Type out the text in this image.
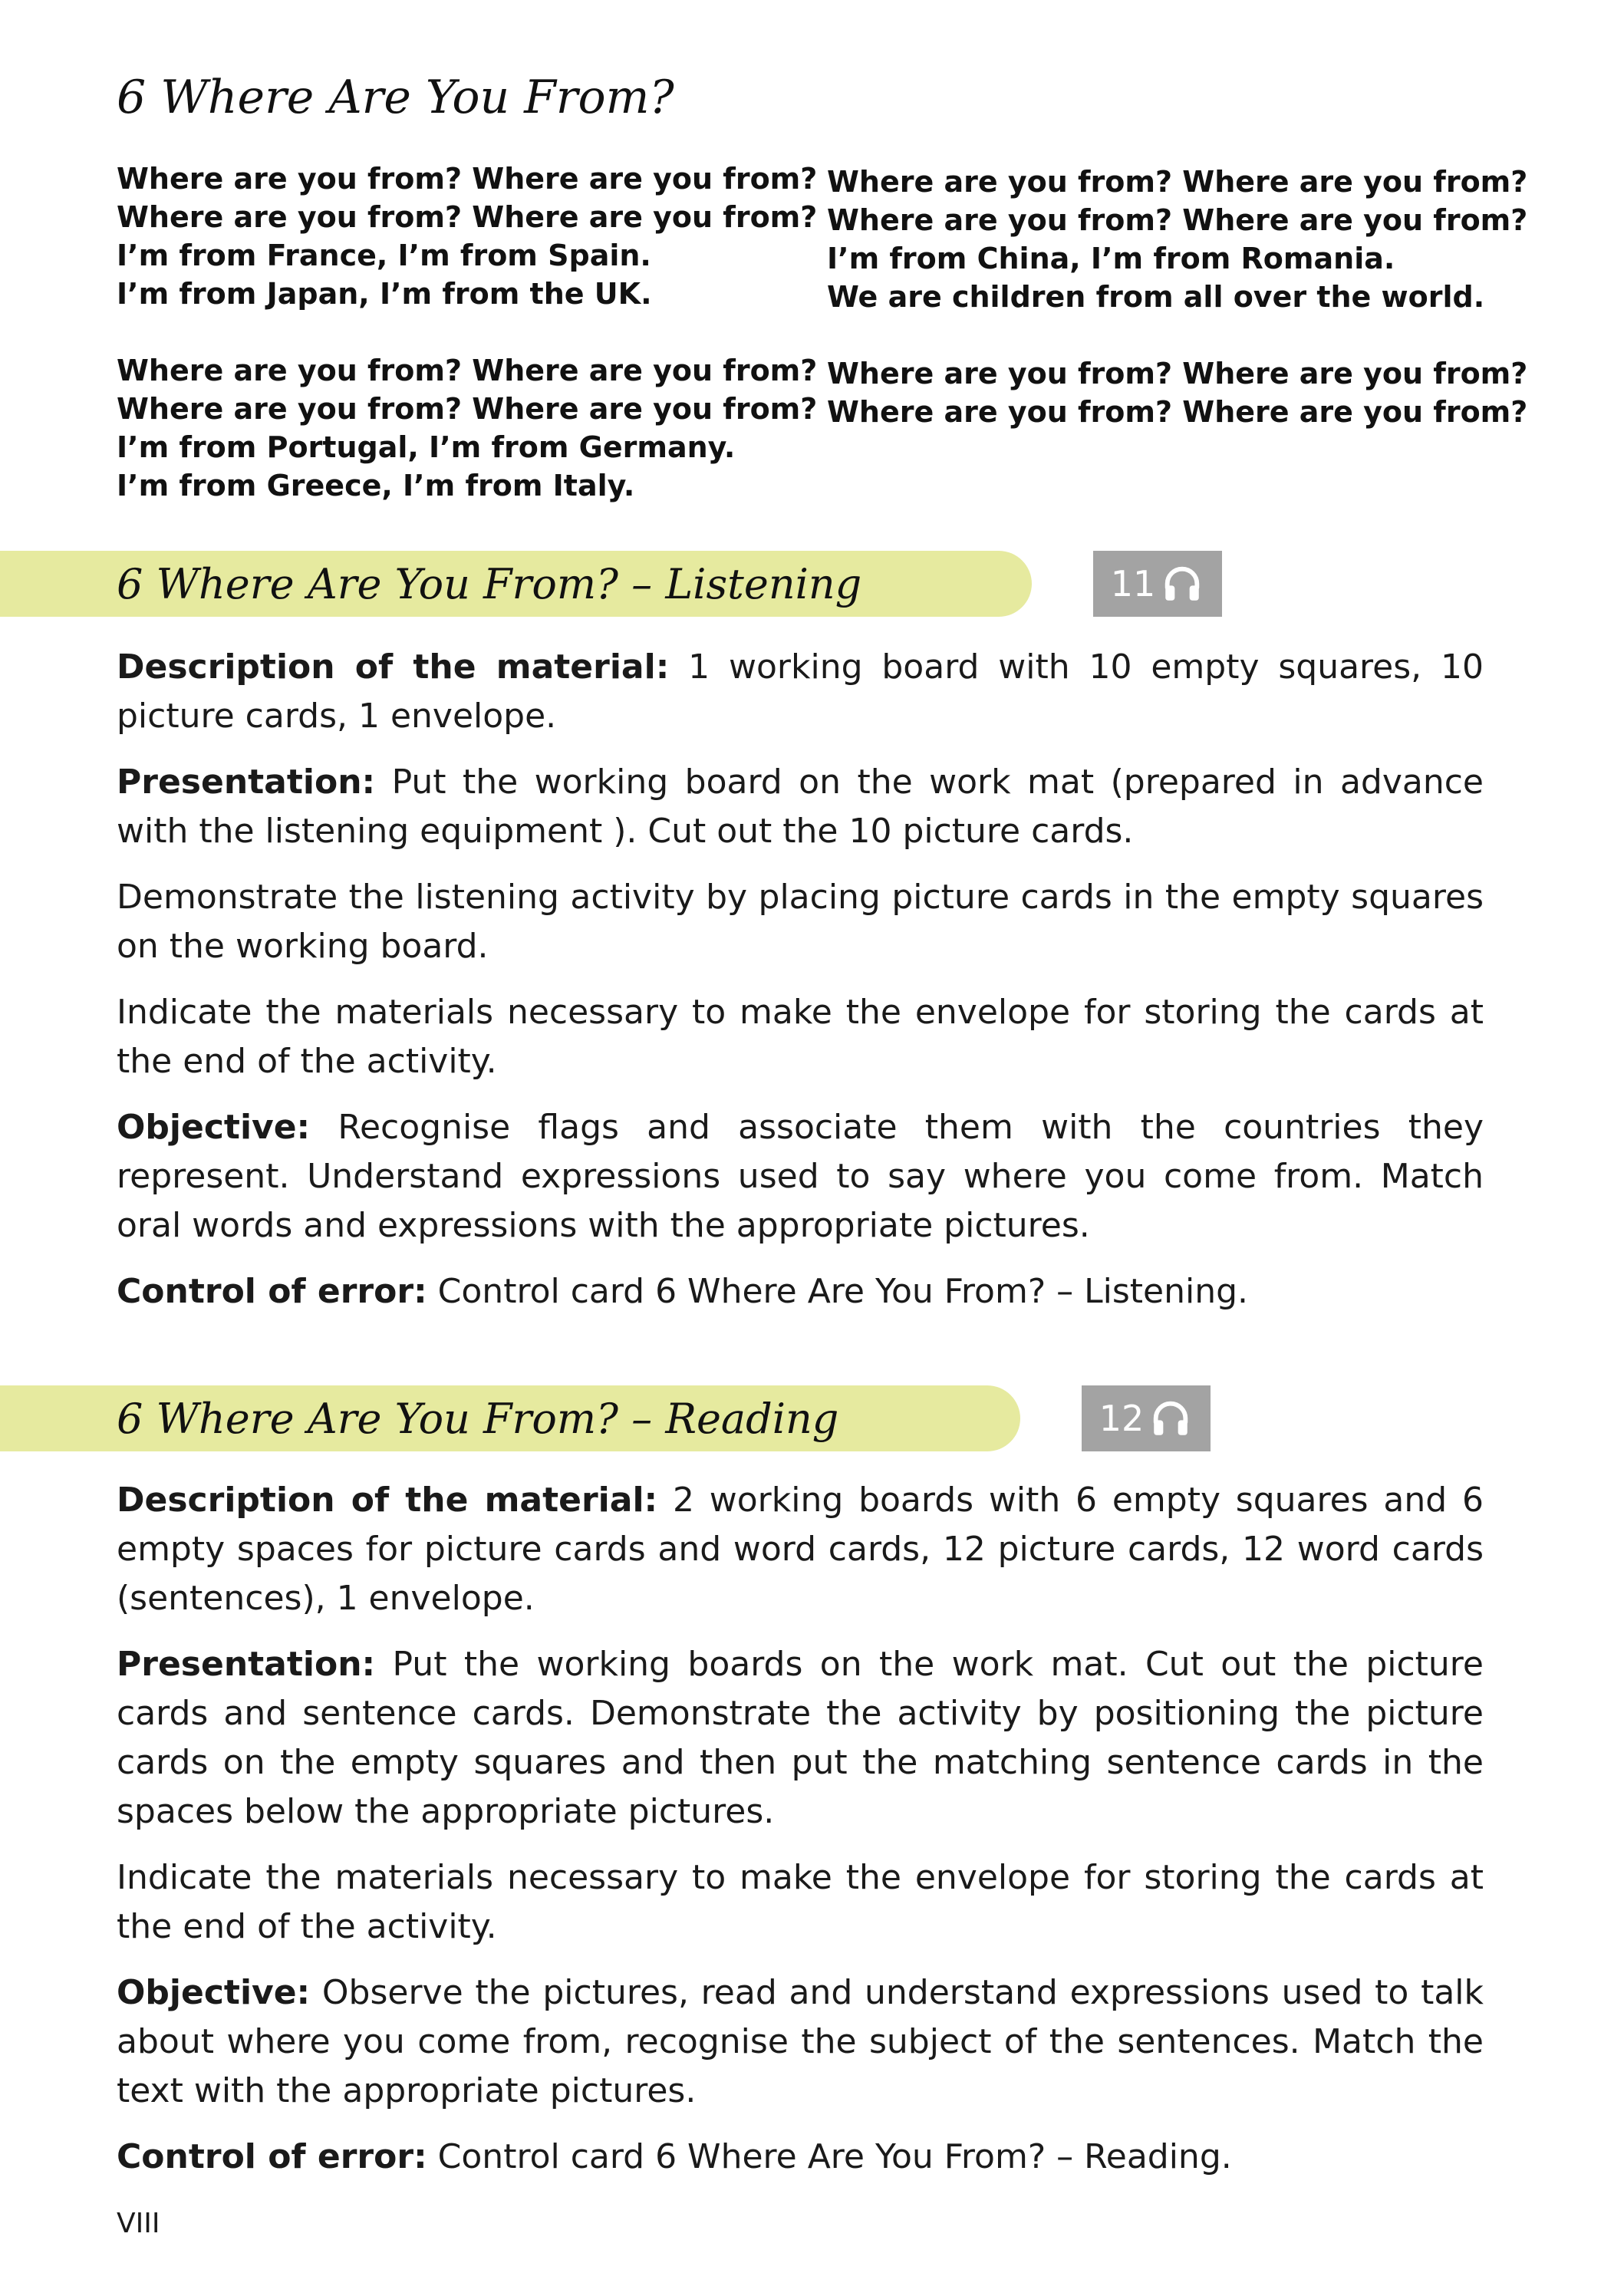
6 Where Are You From?
Where are you from? Where are you from?
Where are you from? Where are you from?
I’m from France, I’m from Spain.
I’m from Japan, I’m from the UK.
Where are you from? Where are you from?
Where are you from? Where are you from?
I’m from Portugal, I’m from Germany.
I’m from Greece, I’m from Italy.
Where are you from? Where are you from?
Where are you from? Where are you from?
I’m from China, I’m from Romania.
We are children from all over the world.
Where are you from? Where are you from?
Where are you from? Where are you from?
6 Where Are You From? – Listening	11

Description of the material: 1 working board with 10 empty squares, 10 picture cards, 1 envelope.

Presentation: Put the working board on the work mat (prepared in advance with the listening equipment ). Cut out the 10 picture cards.

Demonstrate the listening activity by placing picture cards in the empty squares on the working board.

Indicate the materials necessary to make the envelope for storing the cards at the end of the activity.

Objective: Recognise flags and associate them with the countries they represent. Understand expressions used to say where you come from. Match oral words and expressions with the appropriate pictures.

Control of error: Control card 6 Where Are You From? – Listening.

6 Where Are You From? – Reading	12

Description of the material: 2 working boards with 6 empty squares and 6 empty spaces for picture cards and word cards, 12 picture cards, 12 word cards (sentences), 1 envelope.

Presentation: Put the working boards on the work mat. Cut out the picture cards and sentence cards. Demonstrate the activity by positioning the picture cards on the empty squares and then put the matching sentence cards in the spaces below the appropriate pictures.

Indicate the materials necessary to make the envelope for storing the cards at the end of the activity.

Objective: Observe the pictures, read and understand expressions used to talk about where you come from, recognise the subject of the sentences. Match the text with the appropriate pictures.

Control of error: Control card 6 Where Are You From? – Reading.

VIII
